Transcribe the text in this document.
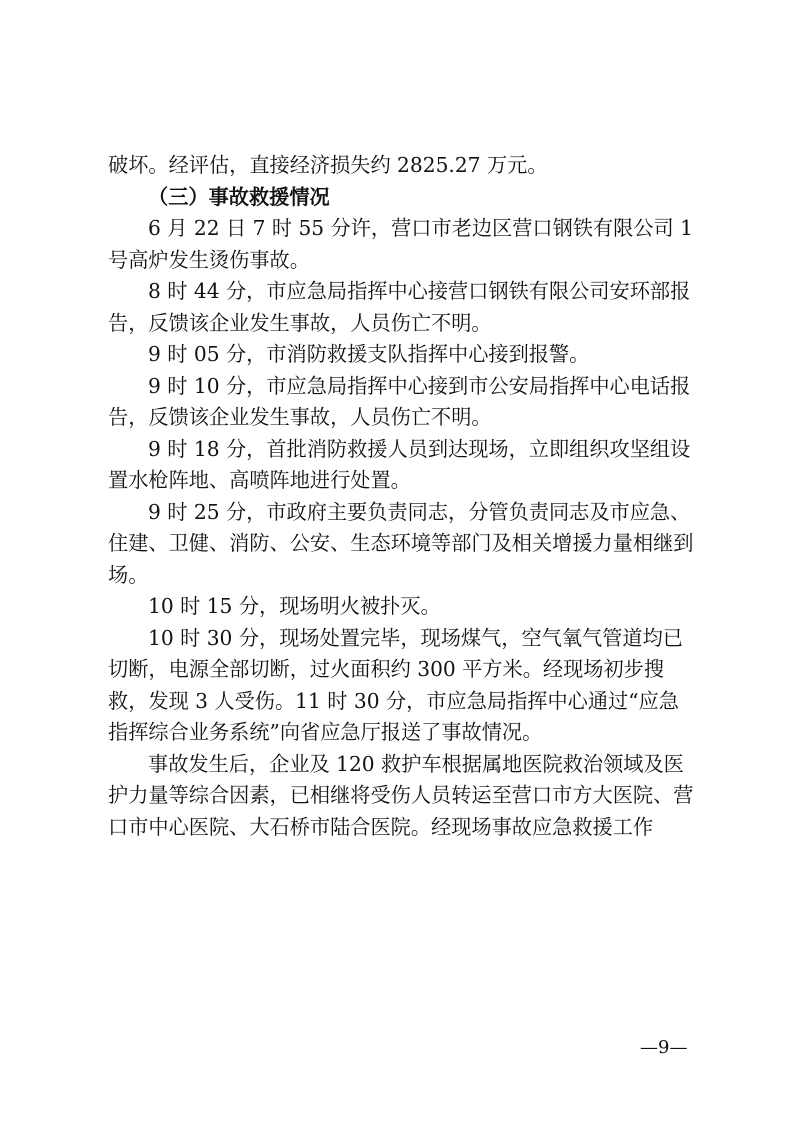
破坏。经评估，直接经济损失约 2825.27 万元。

（三）事故救援情况

6 月 22 日 7 时 55 分许，营口市老边区营口钢铁有限公司 1 号高炉发生烫伤事故。

8 时 44 分，市应急局指挥中心接营口钢铁有限公司安环部报告，反馈该企业发生事故，人员伤亡不明。

9 时 05 分，市消防救援支队指挥中心接到报警。

9 时 10 分，市应急局指挥中心接到市公安局指挥中心电话报告，反馈该企业发生事故，人员伤亡不明。

9 时 18 分，首批消防救援人员到达现场，立即组织攻坚组设置水枪阵地、高喷阵地进行处置。

9 时 25 分，市政府主要负责同志，分管负责同志及市应急、住建、卫健、消防、公安、生态环境等部门及相关增援力量相继到场。

10 时 15 分，现场明火被扑灭。

10 时 30 分，现场处置完毕，现场煤气，空气氧气管道均已切断，电源全部切断，过火面积约 300 平方米。经现场初步搜救，发现 3 人受伤。11 时 30 分，市应急局指挥中心通过“应急指挥综合业务系统”向省应急厅报送了事故情况。

事故发生后，企业及 120 救护车根据属地医院救治领域及医护力量等综合因素，已相继将受伤人员转运至营口市方大医院、营口市中心医院、大石桥市陆合医院。经现场事故应急救援工作

—9—
